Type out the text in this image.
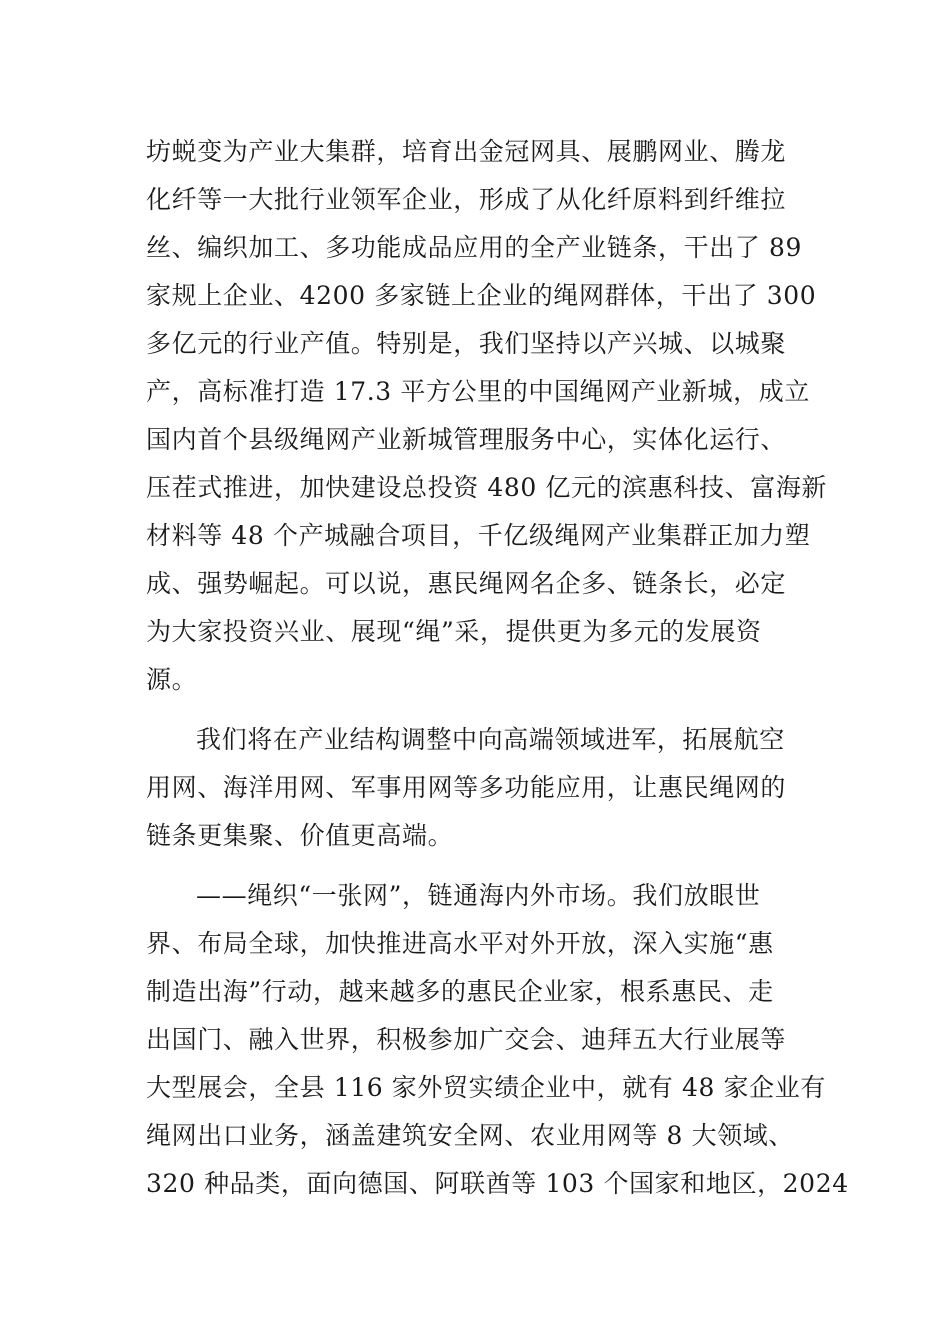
坊蜕变为产业大集群，培育出金冠网具、展鹏网业、腾龙
化纤等一大批行业领军企业，形成了从化纤原料到纤维拉
丝、编织加工、多功能成品应用的全产业链条，干出了 89
家规上企业、4200 多家链上企业的绳网群体，干出了 300
多亿元的行业产值。特别是，我们坚持以产兴城、以城聚
产，高标准打造 17.3 平方公里的中国绳网产业新城，成立
国内首个县级绳网产业新城管理服务中心，实体化运行、
压茬式推进，加快建设总投资 480 亿元的滨惠科技、富海新
材料等 48 个产城融合项目，千亿级绳网产业集群正加力塑
成、强势崛起。可以说，惠民绳网名企多、链条长，必定
为大家投资兴业、展现“绳”采，提供更为多元的发展资
源。
我们将在产业结构调整中向高端领域进军，拓展航空
用网、海洋用网、军事用网等多功能应用，让惠民绳网的
链条更集聚、价值更高端。
——绳织“一张网”，链通海内外市场。我们放眼世
界、布局全球，加快推进高水平对外开放，深入实施“惠
制造出海”行动，越来越多的惠民企业家，根系惠民、走
出国门、融入世界，积极参加广交会、迪拜五大行业展等
大型展会，全县 116 家外贸实绩企业中，就有 48 家企业有
绳网出口业务，涵盖建筑安全网、农业用网等 8 大领域、
320 种品类，面向德国、阿联酋等 103 个国家和地区，2024
